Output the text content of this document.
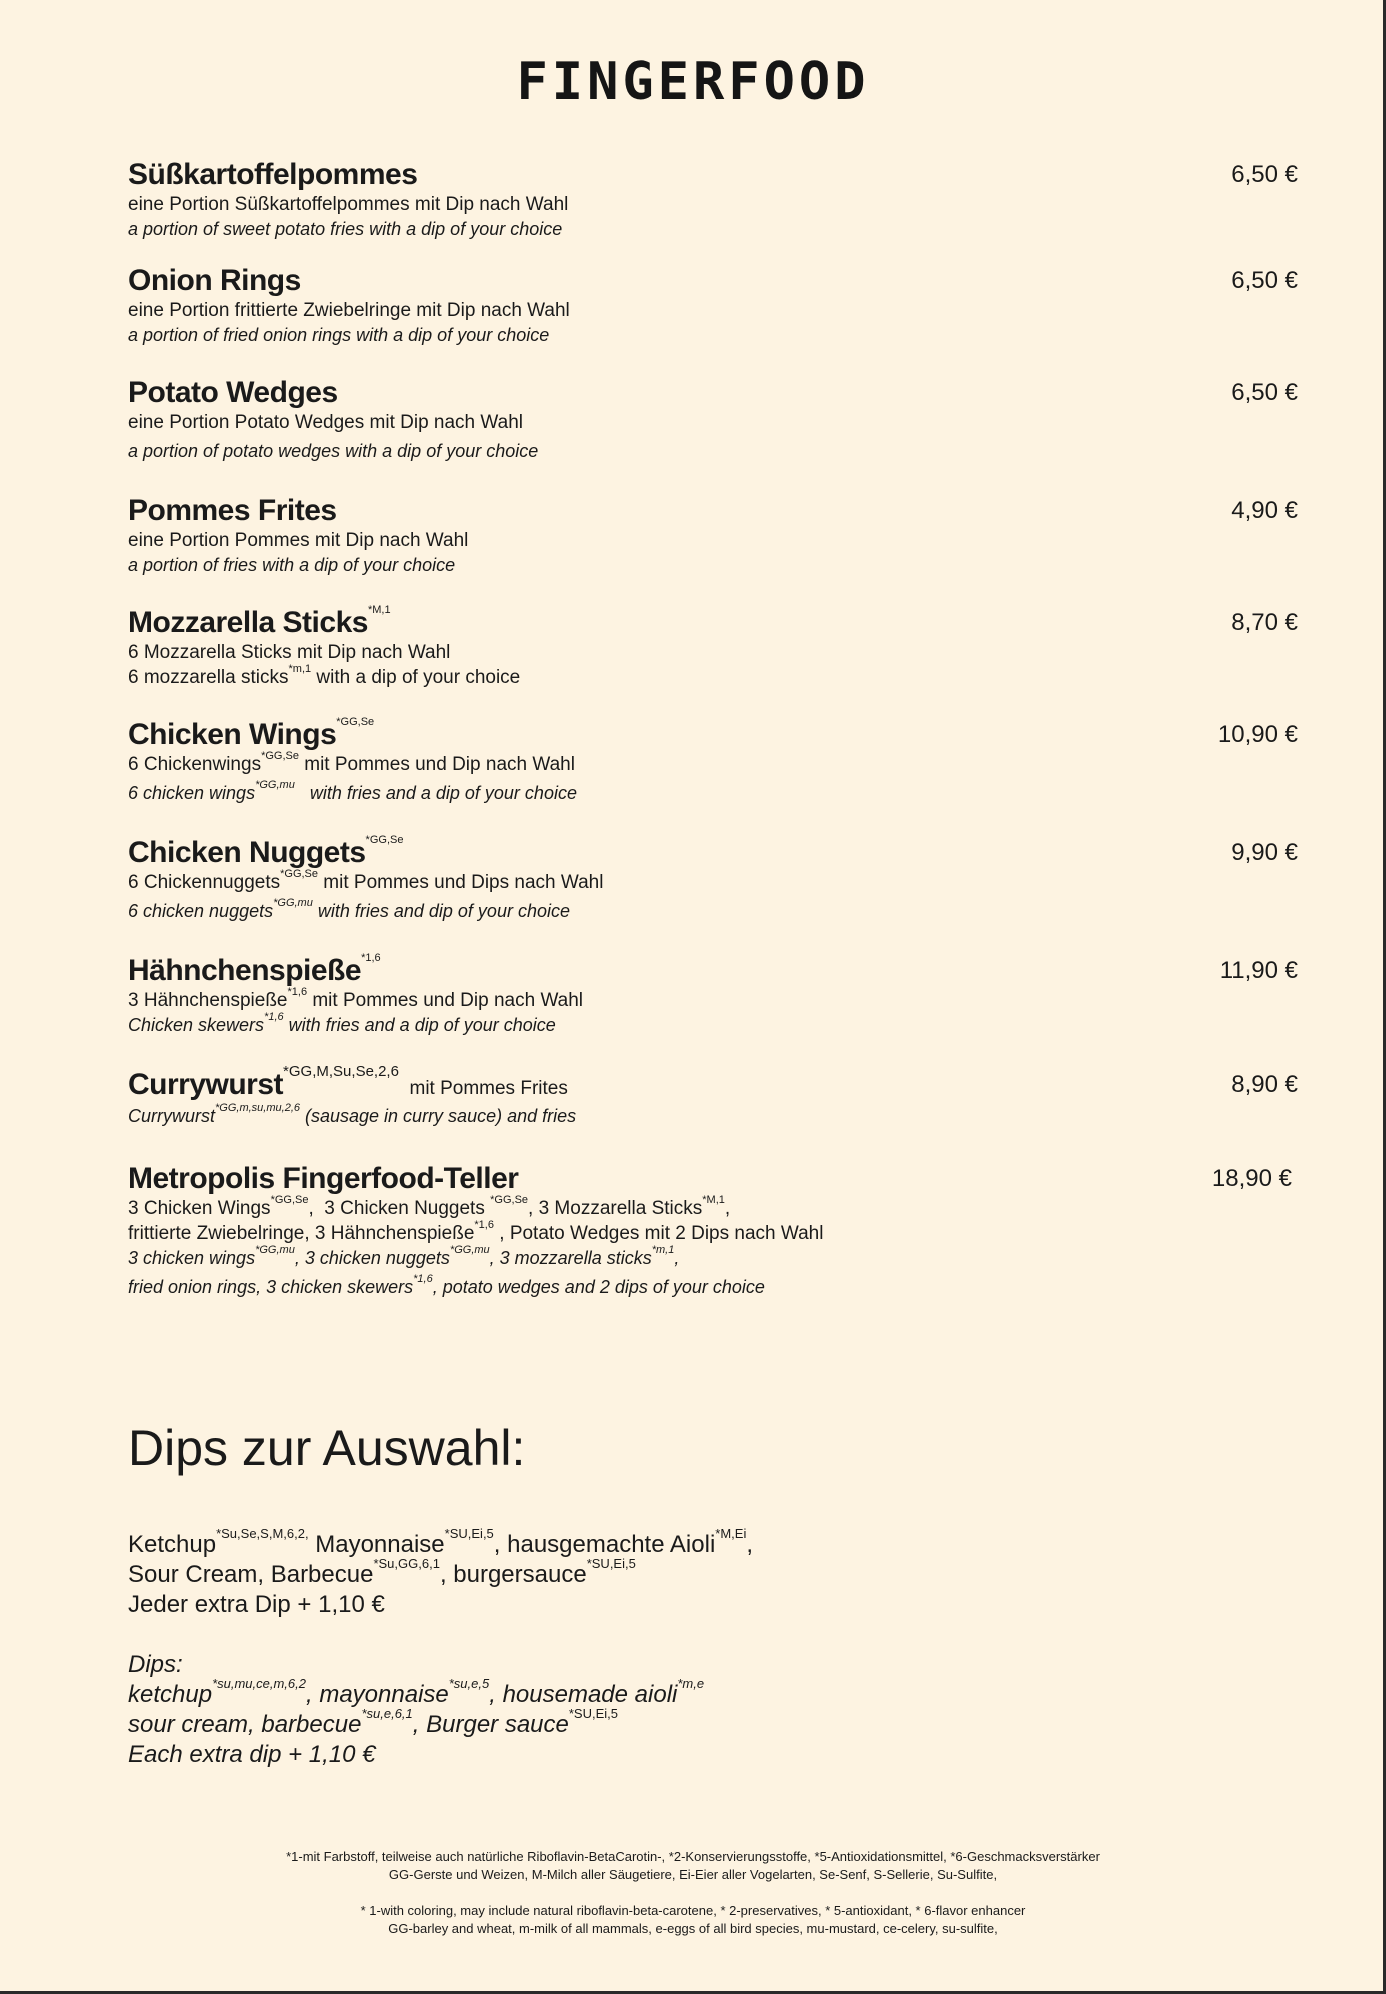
FINGERFOOD
Süßkartoffelpommes	6,50 €
eine Portion Süßkartoffelpommes mit Dip nach Wahl
a portion of sweet potato fries with a dip of your choice
Onion Rings	6,50 €
eine Portion frittierte Zwiebelringe mit Dip nach Wahl
a portion of fried onion rings with a dip of your choice
Potato Wedges	6,50 €
eine Portion Potato Wedges mit Dip nach Wahl
a portion of potato wedges with a dip of your choice
Pommes Frites	4,90 €
eine Portion Pommes mit Dip nach Wahl
a portion of fries with a dip of your choice
Mozzarella Sticks$^{*M,1}$	8,70 €
6 Mozzarella Sticks mit Dip nach Wahl
6 mozzarella sticks$^{*m,1}$ with a dip of your choice
Chicken Wings$^{*GG,Se}$	10,90 €
6 Chickenwings$^{*GG,Se}$ mit Pommes und Dip nach Wahl
6 chicken wings$^{*GG,mu}$   with fries and a dip of your choice
Chicken Nuggets$^{*GG,Se}$	9,90 €
6 Chickennuggets$^{*GG,Se}$ mit Pommes und Dips nach Wahl
6 chicken nuggets$^{*GG,mu}$ with fries and dip of your choice
Hähnchenspieße$^{*1,6}$	11,90 €
3 Hähnchenspieße$^{*1,6}$ mit Pommes und Dip nach Wahl
Chicken skewers$^{*1,6}$ with fries and a dip of your choice
Currywurst$^{*GG,M,Su,Se,2,6}$  mit Pommes Frites	8,90 €
Currywurst$^{*GG,m,su,mu,2,6}$ (sausage in curry sauce) and fries
Metropolis Fingerfood-Teller	18,90 €
3 Chicken Wings$^{*GG,Se}$,  3 Chicken Nuggets $^{*GG,Se}$, 3 Mozzarella Sticks$^{*M,1}$,
frittierte Zwiebelringe, 3 Hähnchenspieße$^{*1,6}$ , Potato Wedges mit 2 Dips nach Wahl
3 chicken wings$^{*GG,mu}$, 3 chicken nuggets$^{*GG,mu}$, 3 mozzarella sticks$^{*m,1}$,
fried onion rings, 3 chicken skewers$^{*1,6}$, potato wedges and 2 dips of your choice
Dips zur Auswahl:
Ketchup$^{*Su,Se,S,M,6,2,}$ Mayonnaise$^{*SU,Ei,5}$, hausgemachte Aioli$^{*M,Ei}$,
Sour Cream, Barbecue$^{*Su,GG,6,1}$, burgersauce$^{*SU,Ei,5}$
Jeder extra Dip + 1,10 €
Dips:
ketchup$^{*su,mu,ce,m,6,2}$, mayonnaise$^{*su,e,5}$, housemade aioli$^{*m,e}$
sour cream, barbecue$^{*su,e,6,1}$, Burger sauce$^{*SU,Ei,5}$
Each extra dip + 1,10 €
*1-mit Farbstoff, teilweise auch natürliche Riboflavin-BetaCarotin-, *2-Konservierungsstoffe, *5-Antioxidationsmittel, *6-Geschmacksverstärker
GG-Gerste und Weizen, M-Milch aller Säugetiere, Ei-Eier aller Vogelarten, Se-Senf, S-Sellerie, Su-Sulfite,
* 1-with coloring, may include natural riboflavin-beta-carotene, * 2-preservatives, * 5-antioxidant, * 6-flavor enhancer
GG-barley and wheat, m-milk of all mammals, e-eggs of all bird species, mu-mustard, ce-celery, su-sulfite,
